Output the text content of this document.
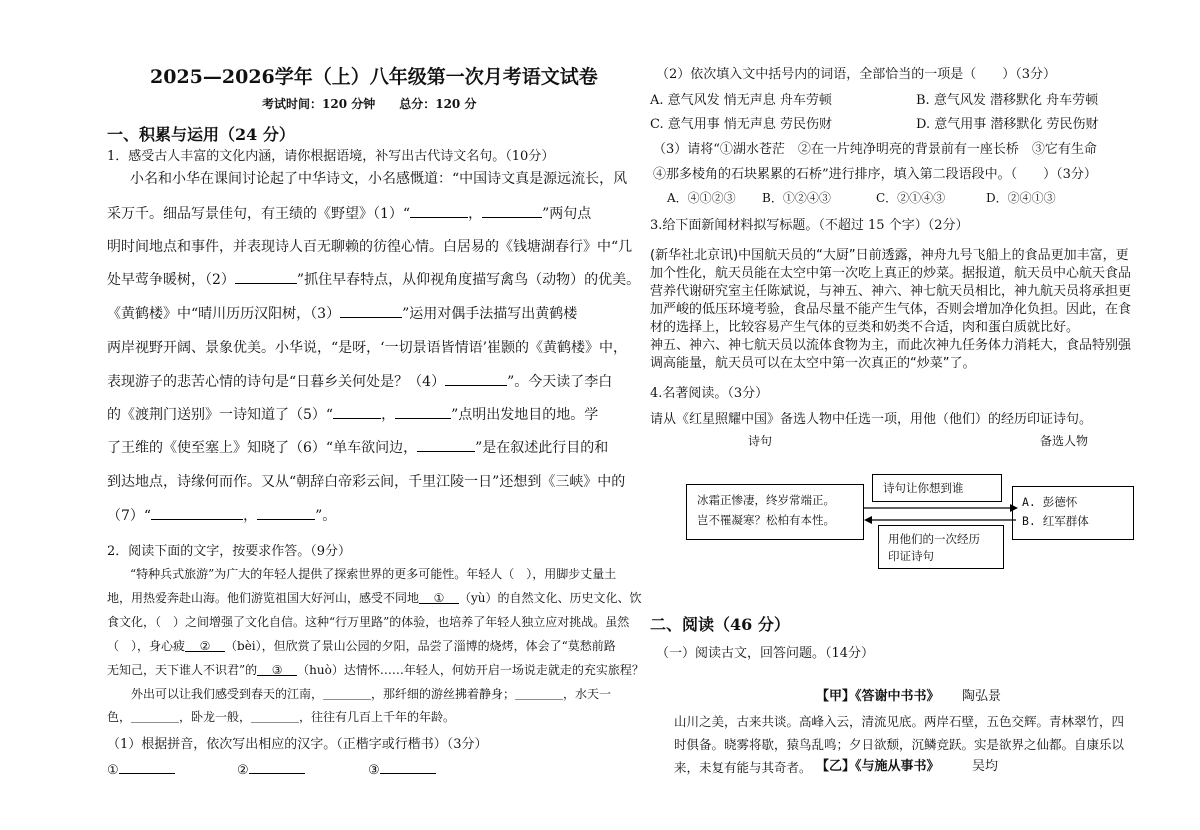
2025—2026学年（上）八年级第一次月考语文试卷
考试时间：120 分钟　　总分：120 分
一、积累与运用（24 分）
1．感受古人丰富的文化内涵，请你根据语境，补写出古代诗文名句。（10分）
小名和小华在课间讨论起了中华诗文，小名感慨道：“中国诗文真是源远流长，风
采万千。细品写景佳句，有王绩的《野望》（1）“	，	”两句点
明时间地点和事件，并表现诗人百无聊赖的彷徨心情。白居易的《钱塘湖春行》中“几
处早莺争暖树，（2）	”抓住早春特点，从仰视角度描写禽鸟（动物）的优美。
《黄鹤楼》中“晴川历历汉阳树，（3）	”运用对偶手法描写出黄鹤楼
两岸视野开阔、景象优美。小华说，“是呀，‘一切景语皆情语’崔颢的《黄鹤楼》中，
表现游子的悲苦心情的诗句是“日暮乡关何处是？（4）	”。今天读了李白
的《渡荆门送别》一诗知道了（5）“	，	”点明出发地目的地。学
了王维的《使至塞上》知晓了（6）“单车欲问边，	”是在叙述此行目的和
到达地点，诗缘何而作。又从“朝辞白帝彩云间，千里江陵一日”还想到《三峡》中的
（7）“	，	”。
2．阅读下面的文字，按要求作答。（9分）
“特种兵式旅游”为广大的年轻人提供了探索世界的更多可能性。年轻人（　），用脚步丈量土
地，用热爱奔赴山海。他们游览祖国大好河山，感受不同地 ① （yù）的自然文化、历史文化、饮
食文化，（　）之间增强了文化自信。这种“行万里路”的体验，也培养了年轻人独立应对挑战。虽然
（　），身心疲 ② （bèi），但欣赏了景山公园的夕阳，品尝了淄博的烧烤，体会了“莫愁前路
无知己，天下谁人不识君”的 ③ （huò）达情怀……年轻人，何妨开启一场说走就走的充实旅程？
外出可以让我们感受到春天的江南，＿＿＿＿，那纤细的游丝拂着静身；＿＿＿＿，水天一色，＿＿＿＿，卧龙一般，＿＿＿＿，往往有几百上千年的年龄。
（1）根据拼音，依次写出相应的汉字。（正楷字或行楷书）（3分）
①	②	③
（2）依次填入文中括号内的词语，全部恰当的一项是（　　）（3分）
A. 意气风发 悄无声息 舟车劳顿	B. 意气风发 潜移默化 舟车劳顿
C. 意气用事 悄无声息 劳民伤财	D. 意气用事 潜移默化 劳民伤财
（3）请将“①湖水苍茫　②在一片纯净明亮的背景前有一座长桥　③它有生命
④那多棱角的石块累累的石桥”进行排序，填入第二段语段中。（　　）（3分）
A．④①②③ B．①②④③	C．②①④③	D．②④①③
3.给下面新闻材料拟写标题。（不超过 15 个字）（2分）
(新华社北京讯)中国航天员的“大厨”日前透露，神舟九号飞船上的食品更加丰富，更加个性化，航天员能在太空中第一次吃上真正的炒菜。据报道，航天员中心航天食品营养代谢研究室主任陈斌说，与神五、神六、神七航天员相比，神九航天员将承担更加严峻的低压环境考验，食品尽量不能产生气体，否则会增加净化负担。因此，在食材的选择上，比较容易产生气体的豆类和奶类不合适，肉和蛋白质就比好。
神五、神六、神七航天员以流体食物为主，而此次神九任务体力消耗大，食品特别强调高能量，航天员可以在太空中第一次真正的“炒菜”了。
4.名著阅读。（3分）
请从《红星照耀中国》备选人物中任选一项，用他（他们）的经历印证诗句。
诗句	备选人物
冰霜正惨凄，终岁常端正。
岂不罹凝寒？松柏有本性。
诗句让你想到谁
用他们的一次经历
印证诗句
A. 彭德怀
B. 红军群体
二、阅读（46 分）
（一）阅读古文，回答问题。（14分）
【甲】《答谢中书书》 陶弘景
山川之美，古来共谈。高峰入云，清流见底。两岸石壁，五色交辉。青林翠竹，四时俱备。晓雾将歇，猿鸟乱鸣；夕日欲颓，沉鳞竞跃。实是欲界之仙都。自康乐以来，未复有能与其奇者。 【乙】《与施从事书》	吴均
